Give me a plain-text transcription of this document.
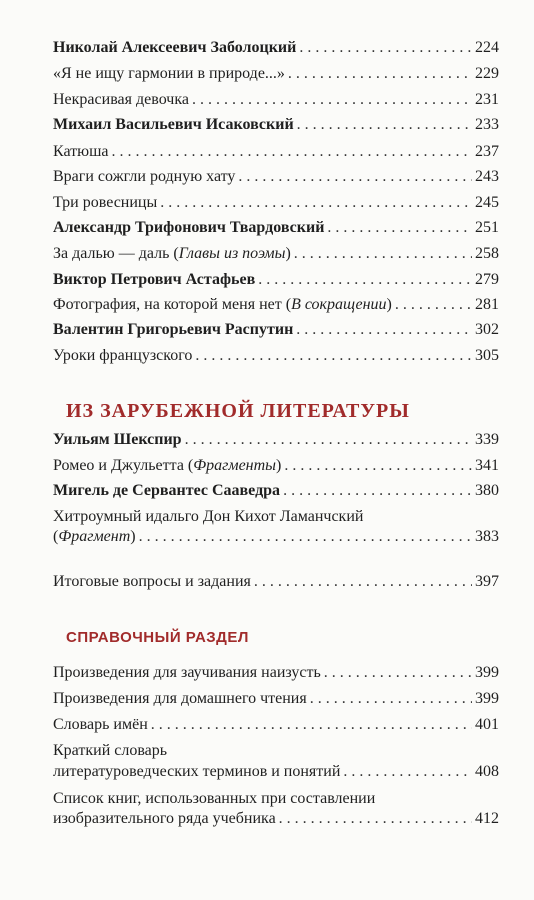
Николай Алексеевич Заболоцкий . . .	224
«Я не ищу гармонии в природе...» . . .	229
Некрасивая девочка . . .	231
Михаил Васильевич Исаковский . . .	233
Катюша . . .	237
Враги сожгли родную хату . . .	243
Три ровесницы . . .	245
Александр Трифонович Твардовский . . .	251
За далью — даль (Главы из поэмы) . . .	258
Виктор Петрович Астафьев . . .	279
Фотография, на которой меня нет (В сокращении) . . .	281
Валентин Григорьевич Распутин . . .	302
Уроки французского . . .	305
ИЗ ЗАРУБЕЖНОЙ ЛИТЕРАТУРЫ
Уильям Шекспир . . .	339
Ромео и Джульетта (Фрагменты) . . .	341
Мигель де Сервантес Сааведра . . .	380
Хитроумный идальго Дон Кихот Ламанчский
(Фрагмент) . . .	383
Итоговые вопросы и задания . . .	397
СПРАВОЧНЫЙ РАЗДЕЛ
Произведения для заучивания наизусть . . .	399
Произведения для домашнего чтения . . .	399
Словарь имён . . .	401
Краткий словарь
литературоведческих терминов и понятий . . .	408
Список книг, использованных при составлении
изобразительного ряда учебника . . .	412
